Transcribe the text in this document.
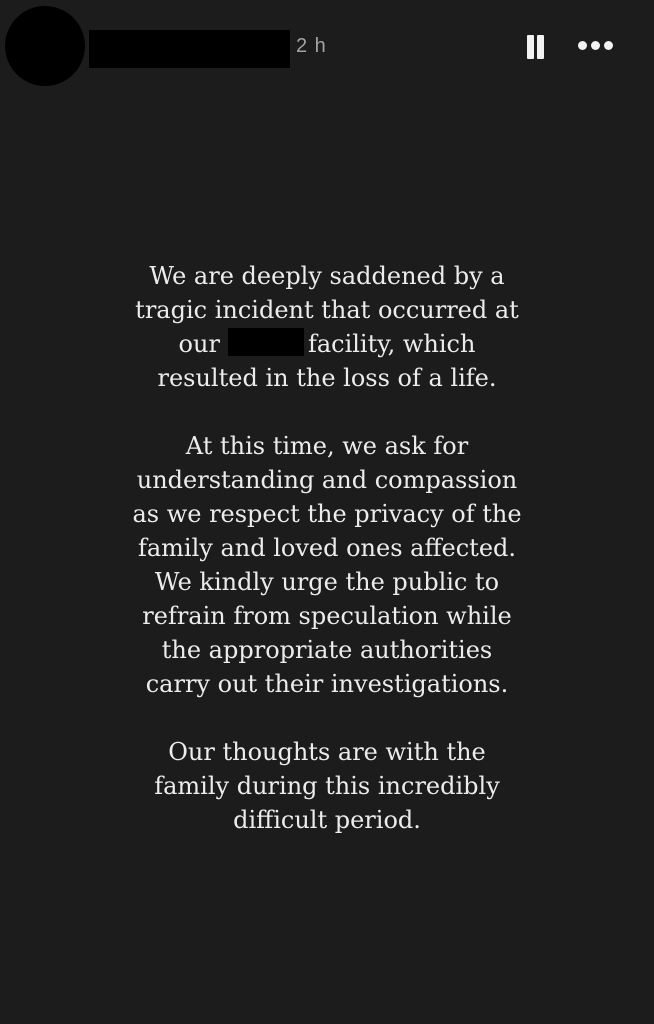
2 h

We are deeply saddened by a
tragic incident that occurred at
our	facility, which
resulted in the loss of a life.

At this time, we ask for
understanding and compassion
as we respect the privacy of the
family and loved ones affected.
We kindly urge the public to
refrain from speculation while
the appropriate authorities
carry out their investigations.

Our thoughts are with the
family during this incredibly
difficult period.
